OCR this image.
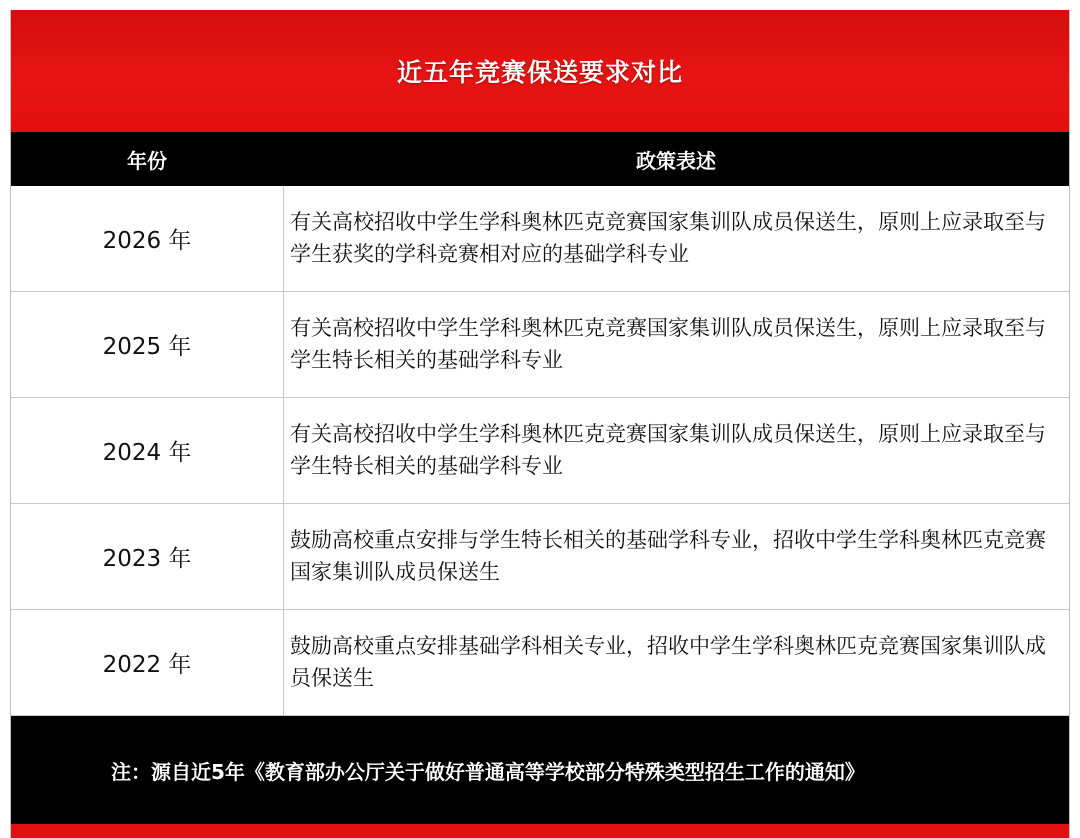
近五年竞赛保送要求对比
年份	政策表述
2026 年
有关高校招收中学生学科奥林匹克竞赛国家集训队成员保送生，原则上应录取至与学生获奖的学科竞赛相对应的基础学科专业
2025 年
有关高校招收中学生学科奥林匹克竞赛国家集训队成员保送生，原则上应录取至与学生特长相关的基础学科专业
2024 年
有关高校招收中学生学科奥林匹克竞赛国家集训队成员保送生，原则上应录取至与学生特长相关的基础学科专业
2023 年
鼓励高校重点安排与学生特长相关的基础学科专业，招收中学生学科奥林匹克竞赛国家集训队成员保送生
2022 年
鼓励高校重点安排基础学科相关专业，招收中学生学科奥林匹克竞赛国家集训队成员保送生
注：源自近5年《教育部办公厅关于做好普通高等学校部分特殊类型招生工作的通知》
